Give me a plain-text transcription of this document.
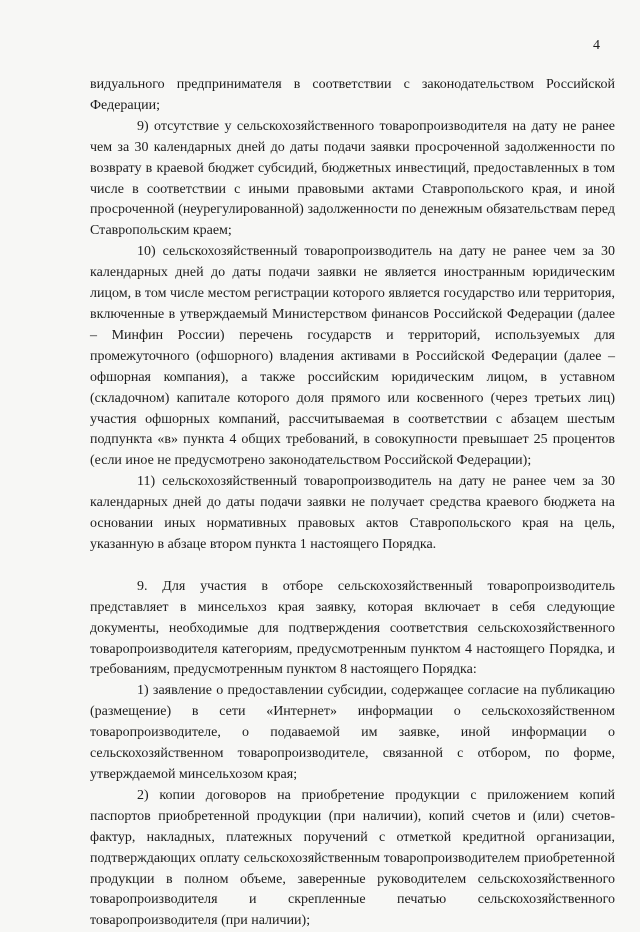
4

видуального предпринимателя в соответствии с законодательством Российской Федерации;

9) отсутствие у сельскохозяйственного товаропроизводителя на дату не ранее чем за 30 календарных дней до даты подачи заявки просроченной задолженности по возврату в краевой бюджет субсидий, бюджетных инвестиций, предоставленных в том числе в соответствии с иными правовыми актами Ставропольского края, и иной просроченной (неурегулированной) задолженности по денежным обязательствам перед Ставропольским краем;

10) сельскохозяйственный товаропроизводитель на дату не ранее чем за 30 календарных дней до даты подачи заявки не является иностранным юридическим лицом, в том числе местом регистрации которого является государство или территория, включенные в утверждаемый Министерством финансов Российской Федерации (далее – Минфин России) перечень государств и территорий, используемых для промежуточного (офшорного) владения активами в Российской Федерации (далее – офшорная компания), а также российским юридическим лицом, в уставном (складочном) капитале которого доля прямого или косвенного (через третьих лиц) участия офшорных компаний, рассчитываемая в соответствии с абзацем шестым подпункта «в» пункта 4 общих требований, в совокупности превышает 25 процентов (если иное не предусмотрено законодательством Российской Федерации);

11) сельскохозяйственный товаропроизводитель на дату не ранее чем за 30 календарных дней до даты подачи заявки не получает средства краевого бюджета на основании иных нормативных правовых актов Ставропольского края на цель, указанную в абзаце втором пункта 1 настоящего Порядка.

9. Для участия в отборе сельскохозяйственный товаропроизводитель представляет в минсельхоз края заявку, которая включает в себя следующие документы, необходимые для подтверждения соответствия сельскохозяйственного товаропроизводителя категориям, предусмотренным пунктом 4 настоящего Порядка, и требованиям, предусмотренным пунктом 8 настоящего Порядка:

1) заявление о предоставлении субсидии, содержащее согласие на публикацию (размещение) в сети «Интернет» информации о сельскохозяйственном товаропроизводителе, о подаваемой им заявке, иной информации о сельскохозяйственном товаропроизводителе, связанной с отбором, по форме, утверждаемой минсельхозом края;

2) копии договоров на приобретение продукции с приложением копий паспортов приобретенной продукции (при наличии), копий счетов и (или) счетов-фактур, накладных, платежных поручений с отметкой кредитной организации, подтверждающих оплату сельскохозяйственным товаропроизводителем приобретенной продукции в полном объеме, заверенные руководителем сельскохозяйственного товаропроизводителя и скрепленные печатью сельскохозяйственного товаропроизводителя (при наличии);
